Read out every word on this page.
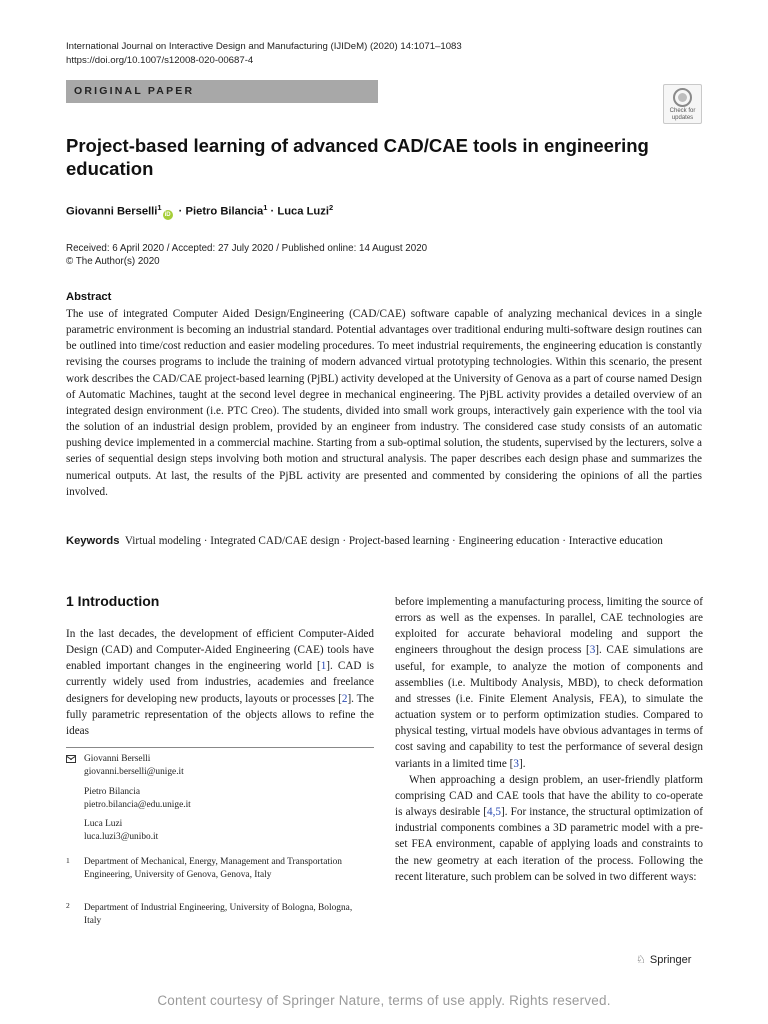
International Journal on Interactive Design and Manufacturing (IJIDeM) (2020) 14:1071–1083
https://doi.org/10.1007/s12008-020-00687-4
ORIGINAL PAPER
Check for updates
Project-based learning of advanced CAD/CAE tools in engineering education
Giovanni Berselli$^1$iD · Pietro Bilancia$^1$ · Luca Luzi$^2$
Received: 6 April 2020 / Accepted: 27 July 2020 / Published online: 14 August 2020
© The Author(s) 2020
Abstract
The use of integrated Computer Aided Design/Engineering (CAD/CAE) software capable of analyzing mechanical devices in a single parametric environment is becoming an industrial standard. Potential advantages over traditional enduring multi-software design routines can be outlined into time/cost reduction and easier modeling procedures. To meet industrial requirements, the engineering education is constantly revising the courses programs to include the training of modern advanced virtual prototyping technologies. Within this scenario, the present work describes the CAD/CAE project-based learning (PjBL) activity developed at the University of Genova as a part of course named Design of Automatic Machines, taught at the second level degree in mechanical engineering. The PjBL activity provides a detailed overview of an integrated design environment (i.e. PTC Creo). The students, divided into small work groups, interactively gain experience with the tool via the solution of an industrial design problem, provided by an engineer from industry. The considered case study consists of an automatic pushing device implemented in a commercial machine. Starting from a sub-optimal solution, the students, supervised by the lecturers, solve a series of sequential design steps involving both motion and structural analysis. The paper describes each design phase and summarizes the numerical outputs. At last, the results of the PjBL activity are presented and commented by considering the opinions of all the parties involved.
Keywords Virtual modeling · Integrated CAD/CAE design · Project-based learning · Engineering education · Interactive education
1 Introduction

In the last decades, the development of efficient Computer-Aided Design (CAD) and Computer-Aided Engineering (CAE) tools have enabled important changes in the engineering world [1]. CAD is currently widely used from industries, academies and freelance designers for developing new products, layouts or processes [2]. The fully parametric representation of the objects allows to refine the ideas

before implementing a manufacturing process, limiting the source of errors as well as the expenses. In parallel, CAE technologies are exploited for accurate behavioral modeling and support the engineers throughout the design process [3]. CAE simulations are useful, for example, to analyze the motion of components and assemblies (i.e. Multibody Analysis, MBD), to check deformation and stresses (i.e. Finite Element Analysis, FEA), to simulate the actuation system or to perform optimization studies. Compared to physical testing, virtual models have obvious advantages in terms of cost saving and capability to test the performance of several design variants in a limited time [3].

When approaching a design problem, an user-friendly platform comprising CAD and CAE tools that have the ability to co-operate is always desirable [4,5]. For instance, the structural optimization of industrial components combines a 3D parametric model with a pre-set FEA environment, capable of applying loads and constraints to the new geometry at each iteration of the process. Following the recent literature, such problem can be solved in two different ways:

Giovanni Berselli
giovanni.berselli@unige.it
Pietro Bilancia
pietro.bilancia@edu.unige.it
Luca Luzi
luca.luzi3@unibo.it
1 Department of Mechanical, Energy, Management and Transportation Engineering, University of Genova, Genova, Italy
2 Department of Industrial Engineering, University of Bologna, Bologna, Italy
♘ Springer
Content courtesy of Springer Nature, terms of use apply. Rights reserved.
